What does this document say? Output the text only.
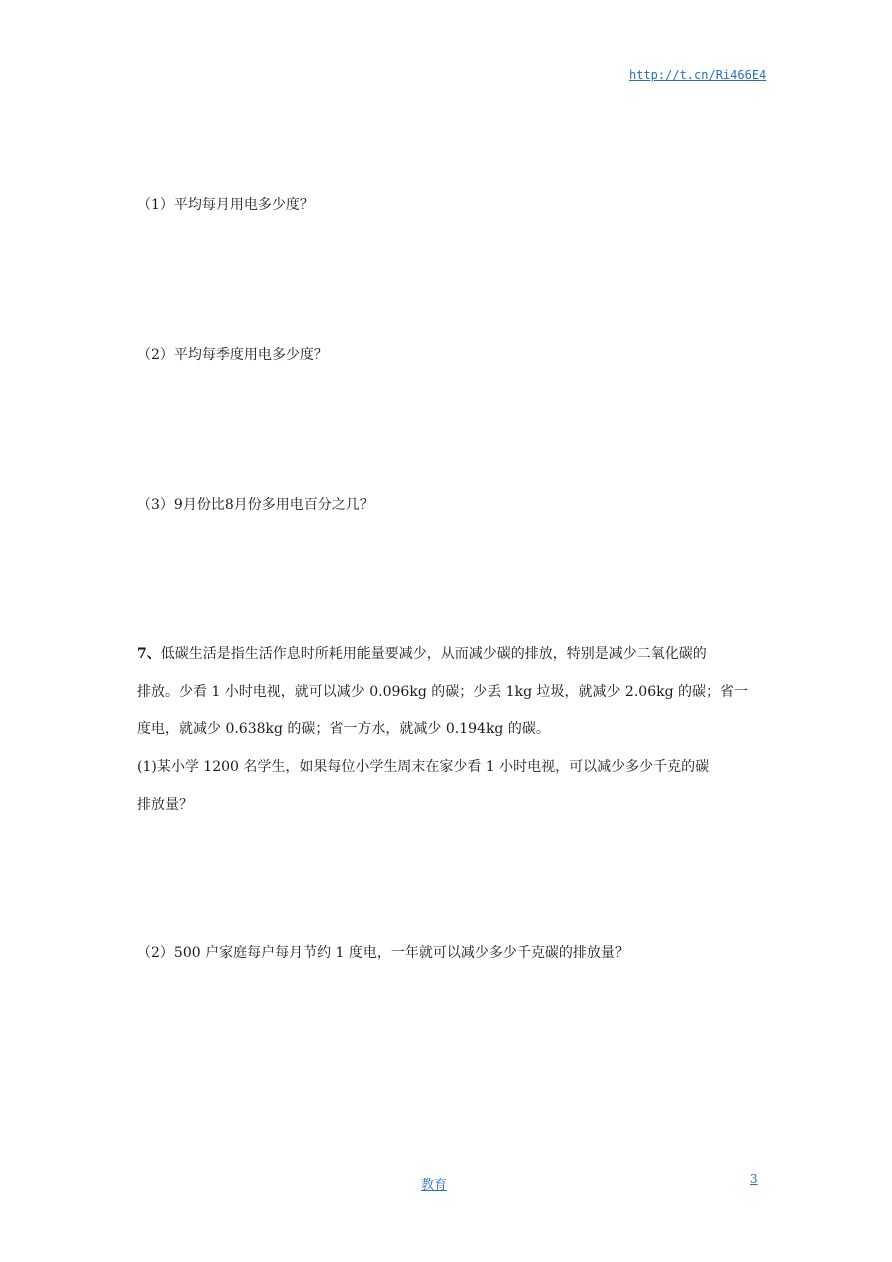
http://t.cn/Ri466E4
（1）平均每月用电多少度？
（2）平均每季度用电多少度？
（3）9月份比8月份多用电百分之几？
7、低碳生活是指生活作息时所耗用能量要减少，从而减少碳的排放，特别是减少二氧化碳的
排放。少看 1 小时电视，就可以减少 0.096kg 的碳；少丢 1kg 垃圾，就减少 2.06kg 的碳；省一
度电，就减少 0.638kg 的碳；省一方水，就减少 0.194kg 的碳。
(1)某小学 1200 名学生，如果每位小学生周末在家少看 1 小时电视，可以减少多少千克的碳
排放量？
（2）500 户家庭每户每月节约 1 度电，一年就可以减少多少千克碳的排放量？
教育	3
